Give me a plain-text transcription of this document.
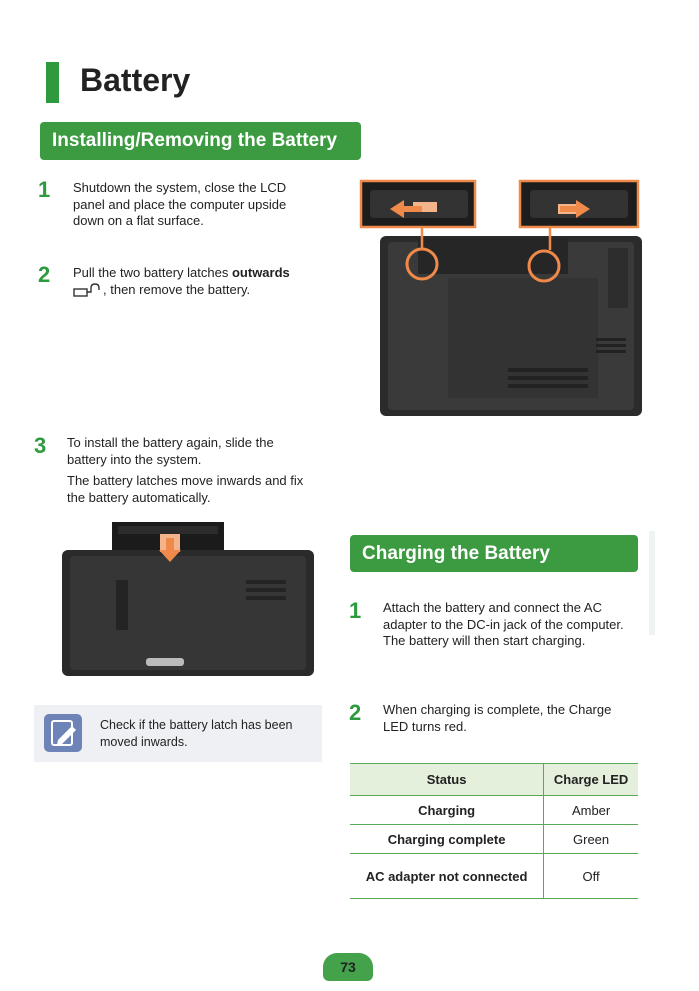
Battery
Installing/Removing the Battery
1 Shutdown the system, close the LCD panel and place the computer upside down on a flat surface.
2 Pull the two battery latches outwards
, then remove the battery.
3 To install the battery again, slide the battery into the system.
The battery latches move inwards and fix the battery automatically.
Check if the battery latch has been moved inwards.
Charging the Battery
1 Attach the battery and connect the AC adapter to the DC-in jack of the computer. The battery will then start charging.
2 When charging is complete, the Charge LED turns red.
Status	Charge LED
Charging	Amber
Charging complete	Green
AC adapter not connected	Off
73
